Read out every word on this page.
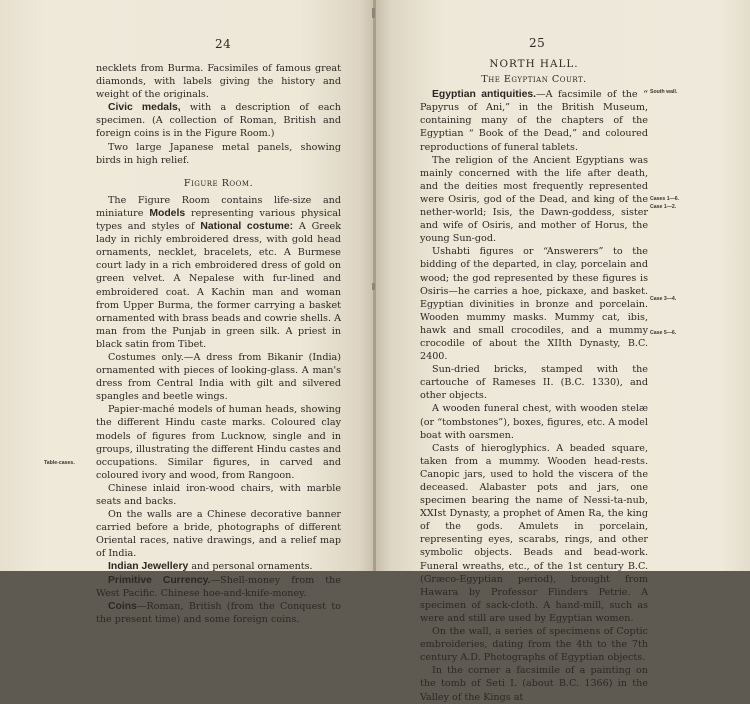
24

necklets from Burma. Facsimiles of famous great diamonds, with labels giving the history and weight of the originals.

Civic medals, with a description of each specimen. (A collection of Roman, British and foreign coins is in the Figure Room.)

Two large Japanese metal panels, showing birds in high relief.

Figure Room.

The Figure Room contains life-size and miniature Models representing various physical types and styles of National costume: A Greek lady in richly embroidered dress, with gold head ornaments, necklet, bracelets, etc. A Burmese court lady in a rich embroidered dress of gold on green velvet. A Nepalese with fur-lined and embroidered coat. A Kachin man and woman from Upper Burma, the former carrying a basket ornamented with brass beads and cowrie shells. A man from the Punjab in green silk. A priest in black satin from Tibet.

Costumes only.—A dress from Bikanir (India) ornamented with pieces of looking-glass. A man's dress from Central India with gilt and silvered spangles and beetle wings.

Papier-maché models of human heads, showing the different Hindu caste marks. Coloured clay models of figures from Lucknow, single and in groups, illustrating the different Hindu castes and occupations. Similar figures, in carved and coloured ivory and wood, from Rangoon.

Chinese inlaid iron-wood chairs, with marble seats and backs.

On the walls are a Chinese decorative banner carried before a bride, photographs of different Oriental races, native drawings, and a relief map of India.

Indian Jewellery and personal ornaments.

Primitive Currency.—Shell-money from the West Pacific. Chinese hoe-and-knife-money.

Coins—Roman, British (from the Conquest to the present time) and some foreign coins.

Table-cases.
25

NORTH HALL.

The Egyptian Court.

Egyptian antiquities.—A facsimile of the “ Papyrus of Ani,” in the British Museum, containing many of the chapters of the Egyptian “ Book of the Dead,” and coloured reproductions of funeral tablets.

The religion of the Ancient Egyptians was mainly concerned with the life after death, and the deities most frequently represented were Osiris, god of the Dead, and king of the nether-world; Isis, the Dawn-goddess, sister and wife of Osiris, and mother of Horus, the young Sun-god.

Ushabti figures or “Answerers” to the bidding of the departed, in clay, porcelain and wood; the god represented by these figures is Osiris—he carries a hoe, pickaxe, and basket. Egyptian divinities in bronze and porcelain. Wooden mummy masks. Mummy cat, ibis, hawk and small crocodiles, and a mummy crocodile of about the XIIth Dynasty, B.C. 2400.

Sun-dried bricks, stamped with the cartouche of Rameses II. (B.C. 1330), and other objects.

A wooden funeral chest, with wooden stelæ (or “tombstones”), boxes, figures, etc. A model boat with oarsmen.

Casts of hieroglyphics. A beaded square, taken from a mummy. Wooden head-rests. Canopic jars, used to hold the viscera of the deceased. Alabaster pots and jars, one specimen bearing the name of Nessi-ta-nub, XXIst Dynasty, a prophet of Amen Ra, the king of the gods. Amulets in porcelain, representing eyes, scarabs, rings, and other symbolic objects. Beads and bead-work. Funeral wreaths, etc., of the 1st century B.C. (Græco-Egyptian period), brought from Hawara by Professor Flinders Petrie. A specimen of sack-cloth. A hand-mill, such as were and still are used by Egyptian women.

On the wall, a series of specimens of Coptic embroideries, dating from the 4th to the 7th century A.D. Photographs of Egyptian objects.

In the corner a facsimile of a painting on the tomb of Seti I. (about B.C. 1366) in the Valley of the Kings at

South wall.
Cases 1—6.
Case 1—2.
Case 3—4.
Case 5—6.
